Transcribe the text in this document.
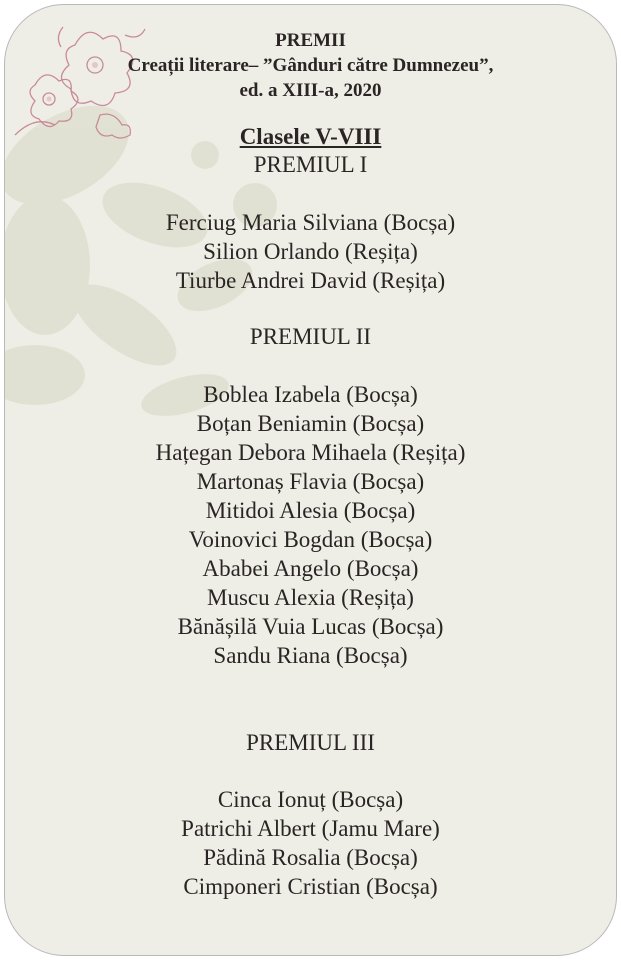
PREMII
Creații literare– ”Gânduri către Dumnezeu”,
ed. a XIII-a, 2020
Clasele V-VIII
PREMIUL I
Ferciug Maria Silviana (Bocșa)
Silion Orlando (Reșița)
Tiurbe Andrei David (Reșița)
PREMIUL II
Boblea Izabela (Bocșa)
Boțan Beniamin (Bocșa)
Hațegan Debora Mihaela (Reșița)
Martonaș Flavia (Bocșa)
Mitidoi Alesia (Bocșa)
Voinovici Bogdan (Bocșa)
Ababei Angelo (Bocșa)
Muscu Alexia (Reșița)
Bănășilă Vuia Lucas (Bocșa)
Sandu Riana (Bocșa)
PREMIUL III
Cinca Ionuț (Bocșa)
Patrichi Albert (Jamu Mare)
Pădină Rosalia (Bocșa)
Cimponeri Cristian (Bocșa)
